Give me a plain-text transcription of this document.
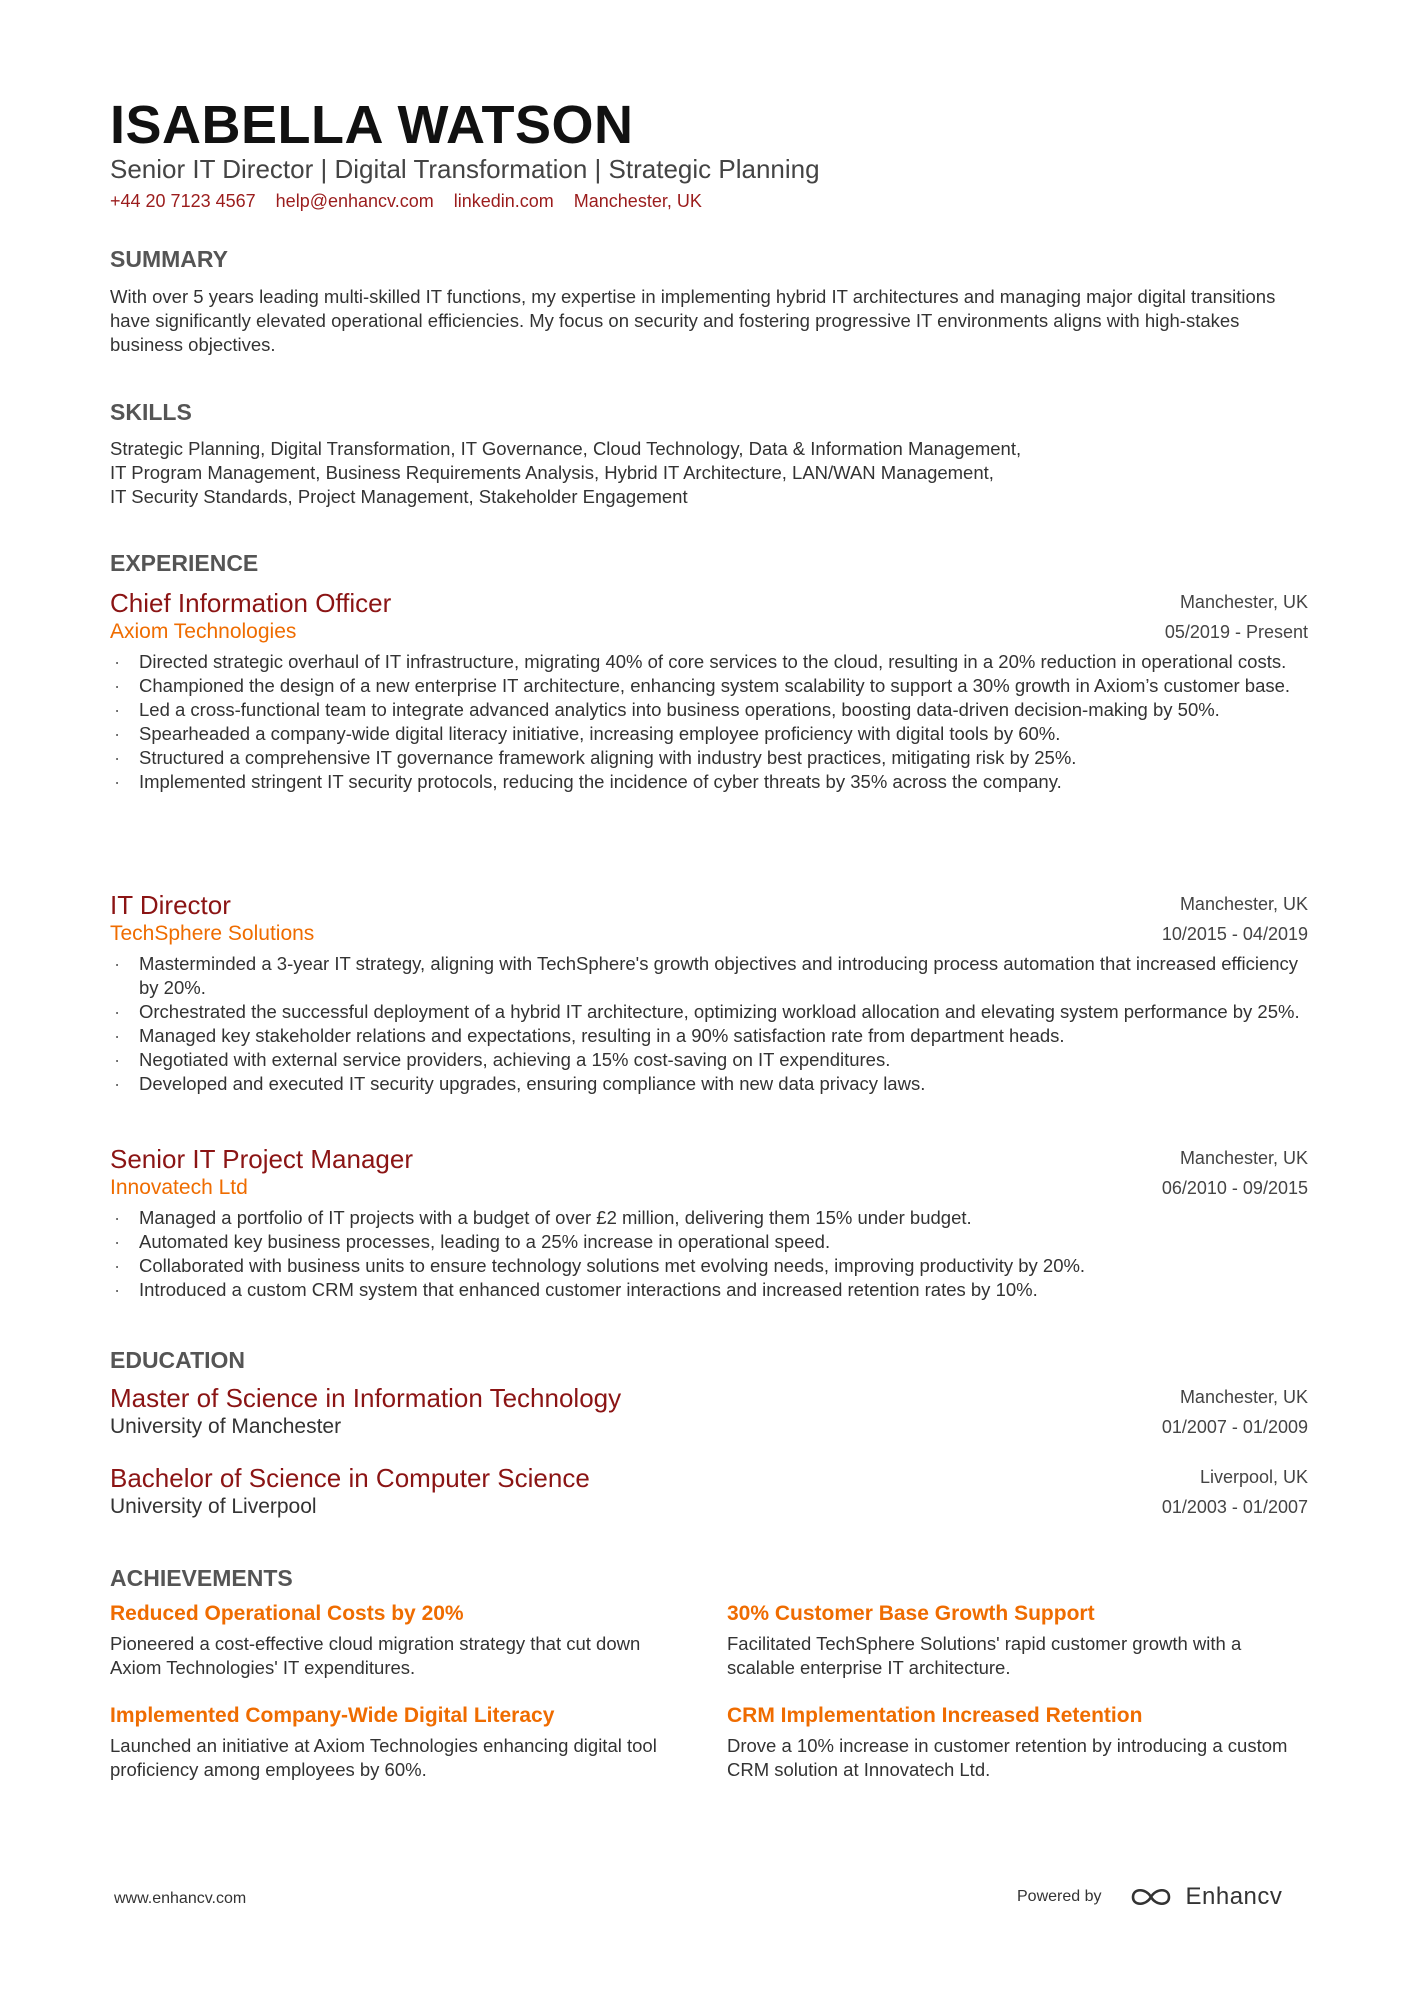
ISABELLA WATSON
Senior IT Director | Digital Transformation | Strategic Planning
+44 20 7123 4567 help@enhancv.com linkedin.com Manchester, UK
SUMMARY
With over 5 years leading multi-skilled IT functions, my expertise in implementing hybrid IT architectures and managing major digital transitions have significantly elevated operational efficiencies. My focus on security and fostering progressive IT environments aligns with high-stakes business objectives.
SKILLS
Strategic Planning, Digital Transformation, IT Governance, Cloud Technology, Data & Information Management,
IT Program Management, Business Requirements Analysis, Hybrid IT Architecture, LAN/WAN Management,
IT Security Standards, Project Management, Stakeholder Engagement
EXPERIENCE
Chief Information Officer
Axiom Technologies
Manchester, UK
05/2019 - Present
· Directed strategic overhaul of IT infrastructure, migrating 40% of core services to the cloud, resulting in a 20% reduction in operational costs.
· Championed the design of a new enterprise IT architecture, enhancing system scalability to support a 30% growth in Axiom’s customer base.
· Led a cross-functional team to integrate advanced analytics into business operations, boosting data-driven decision-making by 50%.
· Spearheaded a company-wide digital literacy initiative, increasing employee proficiency with digital tools by 60%.
· Structured a comprehensive IT governance framework aligning with industry best practices, mitigating risk by 25%.
· Implemented stringent IT security protocols, reducing the incidence of cyber threats by 35% across the company.
IT Director
TechSphere Solutions
Manchester, UK
10/2015 - 04/2019
· Masterminded a 3-year IT strategy, aligning with TechSphere's growth objectives and introducing process automation that increased efficiency by 20%.
· Orchestrated the successful deployment of a hybrid IT architecture, optimizing workload allocation and elevating system performance by 25%.
· Managed key stakeholder relations and expectations, resulting in a 90% satisfaction rate from department heads.
· Negotiated with external service providers, achieving a 15% cost-saving on IT expenditures.
· Developed and executed IT security upgrades, ensuring compliance with new data privacy laws.
Senior IT Project Manager
Innovatech Ltd
Manchester, UK
06/2010 - 09/2015
· Managed a portfolio of IT projects with a budget of over £2 million, delivering them 15% under budget.
· Automated key business processes, leading to a 25% increase in operational speed.
· Collaborated with business units to ensure technology solutions met evolving needs, improving productivity by 20%.
· Introduced a custom CRM system that enhanced customer interactions and increased retention rates by 10%.
EDUCATION
Master of Science in Information Technology
University of Manchester
Manchester, UK
01/2007 - 01/2009
Bachelor of Science in Computer Science
University of Liverpool
Liverpool, UK
01/2003 - 01/2007
ACHIEVEMENTS
Reduced Operational Costs by 20%
Pioneered a cost-effective cloud migration strategy that cut down Axiom Technologies' IT expenditures.
30% Customer Base Growth Support
Facilitated TechSphere Solutions' rapid customer growth with a scalable enterprise IT architecture.
Implemented Company-Wide Digital Literacy
Launched an initiative at Axiom Technologies enhancing digital tool proficiency among employees by 60%.
CRM Implementation Increased Retention
Drove a 10% increase in customer retention by introducing a custom CRM solution at Innovatech Ltd.
www.enhancv.com	Powered by	Enhancv
